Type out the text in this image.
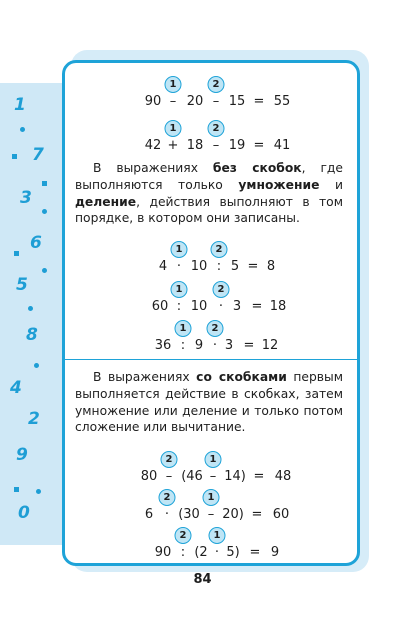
1
7
3
6
5
8
4
2
9
0
1	2
90 – 20 – 15 = 55
1	2
42 + 18 – 19 = 41

В выражениях без скобок, где выполняются только умножение и деление, действия выполняют в том порядке, в котором они записаны.

1	2
4 · 10 : 5 = 8
1	2
60 : 10 · 3 = 18
1	2
36 : 9 · 3 = 12

В выражениях со скобками первым выполняется действие в скобках, затем умножение или деление и только потом сложение или вычитание.

2	1
80 – (46 – 14) = 48
2	1
6 · (30 – 20) = 60
2	1
90 : (2 · 5) = 9
84
